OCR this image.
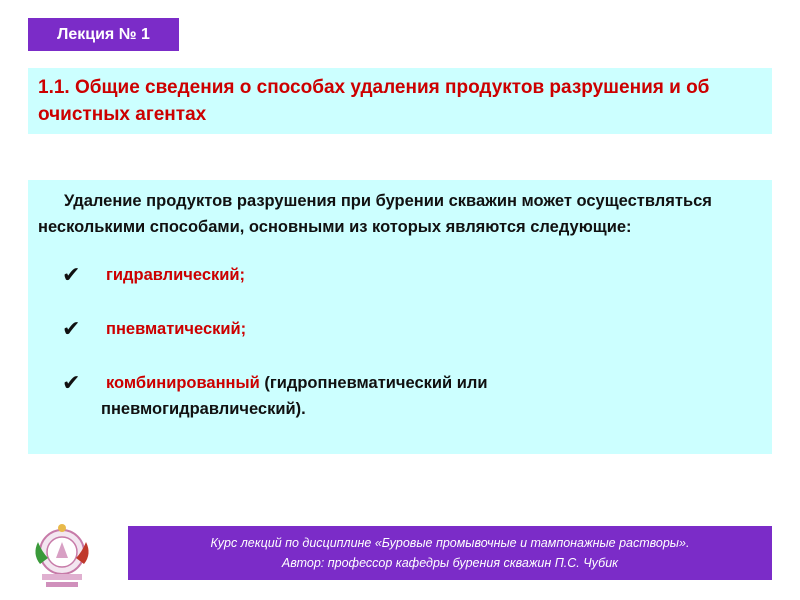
Лекция № 1
1.1. Общие сведения о способах удаления продуктов разрушения и об очистных агентах

Удаление продуктов разрушения при бурении скважин может осуществляться несколькими способами, основными из которых являются следующие:

✔ гидравлический;
✔ пневматический;
✔ комбинированный (гидропневматический или
пневмогидравлический).
Курс лекций по дисциплине «Буровые промывочные и тампонажные растворы».
Автор: профессор кафедры бурения скважин П.С. Чубик
